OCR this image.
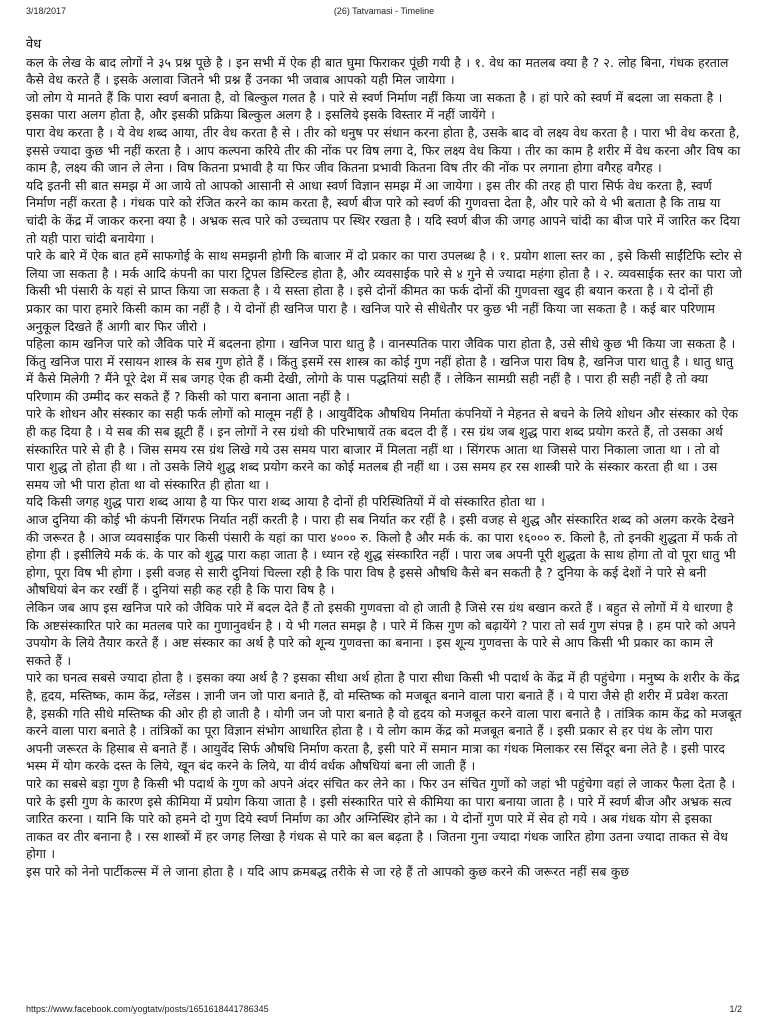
3/18/2017	(26) Tatvamasi - Timeline

वेध

कल के लेख के बाद लोगों ने ३५ प्रश्न पूछे है । इन सभी में ऐक ही बात घुमा फिराकर पूंछी गयी है । १. वेध का मतलब क्या है ? २. लोह बिना, गंधक हरताल कैसे वेध करते हैं । इसके अलावा जितने भी प्रश्न हैं उनका भी जवाब आपको यही मिल जायेगा ।

जो लोग ये मानते हैं कि पारा स्वर्ण बनाता है, वो बिल्कुल गलत है । पारे से स्वर्ण निर्माण नहीं किया जा सकता है । हां पारे को स्वर्ण में बदला जा सकता है । इसका पारा अलग होता है, और इसकी प्रक्रिया बिल्कुल अलग है । इसलिये इसके विस्तार में नहीं जायेंगे ।

पारा वेध करता है । ये वेध शब्द आया, तीर वेध करता है से । तीर को धनुष पर संधान करना होता है, उसके बाद वो लक्ष्य वेध करता है । पारा भी वेध करता है, इससे ज्यादा कुछ भी नहीं करता है । आप कल्पना करिये तीर की नोंक पर विष लगा दे, फिर लक्ष्य वेध किया । तीर का काम है शरीर में वेध करना और विष का काम है, लक्ष्य की जान ले लेना । विष कितना प्रभावी है या फिर जीव कितना प्रभावी कितना विष तीर की नोंक पर लगाना होगा वगैरह वगैरह ।

यदि इतनी सी बात समझ में आ जाये तो आपको आसानी से आधा स्वर्ण विज्ञान समझ में आ जायेगा । इस तीर की तरह ही पारा सिर्फ वेध करता है, स्वर्ण निर्माण नहीं करता है । गंधक पारे को रंजित करने का काम करता है, स्वर्ण बीज पारे को स्वर्ण की गुणवत्ता देता है, और पारे को ये भी बताता है कि ताम्र या चांदी के केंद्र में जाकर करना क्या है । अभ्रक सत्व पारे को उच्चताप पर स्थिर रखता है । यदि स्वर्ण बीज की जगह आपने चांदी का बीज पारे में जारित कर दिया तो यही पारा चांदी बनायेगा ।

पारे के बारे में ऐक बात हमें साफगोई के साथ समझनी होगी कि बाजार में दो प्रकार का पारा उपलब्ध है । १. प्रयोग शाला स्तर का , इसे किसी साईंटिफि स्टोर से लिया जा सकता है । मर्क आदि कंपनी का पारा ट्रिपल डिस्टिल्ड होता है, और व्यवसाईक पारे से ४ गुने से ज्यादा महंगा होता है । २. व्यवसाईक स्तर का पारा जो किसी भी पंसारी के यहां से प्राप्त किया जा सकता है । ये सस्ता होता है । इसे दोनों कीमत का फर्क दोनों की गुणवत्ता खुद ही बयान करता है । ये दोनों ही प्रकार का पारा हमारे किसी काम का नहीं है । ये दोनों ही खनिज पारा है । खनिज पारे से सीधेतौर पर कुछ भी नहीं किया जा सकता है । कई बार परिणाम अनुकूल दिखते हैं आगी बार फिर जीरो ।

पहिला काम खनिज पारे को जैविक पारे में बदलना होगा । खनिज पारा धातु है । वानस्पतिक पारा जैविक पारा होता है, उसे सीधे कुछ भी किया जा सकता है । किंतु खनिज पारा में रसायन शास्त्र के सब गुण होते हैं । किंतु इसमें रस शास्त्र का कोई गुण नहीं होता है । खनिज पारा विष है, खनिज पारा धातु है । धातु धातु में कैसे मिलेगी ? मैंने पूरे देश में सब जगह ऐक ही कमी देखी, लोगो के पास पद्धतियां सही हैं । लेकिन सामग्री सही नहीं है । पारा ही सही नहीं है तो क्या परिणाम की उम्मीद कर सकते हैं ? किसी को पारा बनाना आता नहीं है ।

पारे के शोधन और संस्कार का सही फर्क लोगों को मालूम नहीं है । आयुर्वैदिक औषधिय निर्माता कंपनियों ने मेहनत से बचने के लिये शोधन और संस्कार को ऐक ही कह दिया है । ये सब की सब झूटी हैं । इन लोगों ने रस ग्रंथो की परिभाषायें तक बदल दी हैं । रस ग्रंथ जब शुद्ध पारा शब्द प्रयोग करते हैं, तो उसका अर्थ संस्कारित पारे से ही है । जिस समय रस ग्रंथ लिखे गये उस समय पारा बाजार में मिलता नहीं था । सिंगरफ आता था जिससे पारा निकाला जाता था । तो वो पारा शुद्ध तो होता ही था । तो उसके लिये शुद्ध शब्द प्रयोग करने का कोई मतलब ही नहीं था । उस समय हर रस शास्त्री पारे के संस्कार करता ही था । उस समय जो भी पारा होता था वो संस्कारित ही होता था ।

यदि किसी जगह शुद्ध पारा शब्द आया है या फिर पारा शब्द आया है दोनों ही परिस्थितियों में वो संस्कारित होता था ।

आज दुनिया की कोई भी कंपनी सिंगरफ निर्यात नहीं करती है । पारा ही सब निर्यात कर रहीं है । इसी वजह से शुद्ध और संस्कारित शब्द को अलग करके देखने की जरूरत है । आज व्यवसाईक पार किसी पंसारी के यहां का पारा ४००० रु. किलो है और मर्क कं. का पारा १६००० रु. किलो है, तो इनकी शुद्धता में फर्क तो होगा ही । इसीलिये मर्क कं. के पार को शुद्ध पारा कहा जाता है । ध्यान रहे शुद्ध संस्कारित नहीं । पारा जब अपनी पूरी शुद्धता के साथ होगा तो वो पूरा धातु भी होगा, पूरा विष भी होगा । इसी वजह से सारी दुनियां चिल्ला रही है कि पारा विष है इससे औषधि कैसे बन सकती है ? दुनिया के कई देशों ने पारे से बनी औषधियां बेन कर रखीं हैं । दुनियां सही कह रही है कि पारा विष है ।

लेकिन जब आप इस खनिज पारे को जैविक पारे में बदल देते हैं तो इसकी गुणवत्ता वो हो जाती है जिसे रस ग्रंथ बखान करते हैं । बहुत से लोगों में ये धारणा है कि अष्टसंस्कारित पारे का मतलब पारे का गुणानुवर्धन है । ये भी गलत समझ है । पारे में किस गुण को बढ़ायेंगे ? पारा तो सर्व गुण संपन्न है । हम पारे को अपने उपयोग के लिये तैयार करते हैं । अष्ट संस्कार का अर्थ है पारे को शून्य गुणवत्ता का बनाना । इस शून्य गुणवत्ता के पारे से आप किसी भी प्रकार का काम ले सकते हैं ।

पारे का घनत्व सबसे ज्यादा होता है । इसका क्या अर्थ है ? इसका सीधा अर्थ होता है पारा सीधा किसी भी पदार्थ के केंद्र में ही पहुंचेगा । मनुष्य के शरीर के केंद्र है, हृदय, मस्तिष्क, काम केंद्र, ग्लेंडस । ज्ञानी जन जो पारा बनाते हैं, वो मस्तिष्क को मजबूत बनाने वाला पारा बनाते हैं । ये पारा जैसे ही शरीर में प्रवेश करता है, इसकी गति सीधे मस्तिष्क की ओर ही हो जाती है । योगी जन जो पारा बनाते है वो हृदय को मजबूत करने वाला पारा बनाते है । तांत्रिक काम केंद्र को मजबूत करने वाला पारा बनाते है । तांत्रिकों का पूरा विज्ञान संभोग आधारित होता है । ये लोग काम केंद्र को मजबूत बनाते हैं । इसी प्रकार से हर पंथ के लोग पारा अपनी जरूरत के हिसाब से बनाते हैं । आयुर्वेद सिर्फ औषधि निर्माण करता है, इसी पारे में समान मात्रा का गंधक मिलाकर रस सिंदूर बना लेते है । इसी पारद भस्म में योग करके दस्त के लिये, खून बंद करने के लिये, या वीर्य वर्धक औषधियां बना ली जाती हैं ।

पारे का सबसे बड़ा गुण है किसी भी पदार्थ के गुण को अपने अंदर संचित कर लेने का । फिर उन संचित गुणों को जहां भी पहुंचेगा वहां ले जाकर फैला देता है । पारे के इसी गुण के कारण इसे कीमिया में प्रयोग किया जाता है । इसी संस्कारित पारे से कीमिया का पारा बनाया जाता है । पारे में स्वर्ण बीज और अभ्रक सत्व जारित करना । यानि कि पारे को हमने दो गुण दिये स्वर्ण निर्माण का और अग्निस्थिर होने का । ये दोनों गुण पारे में सेव हो गये । अब गंधक योग से इसका ताकत वर तीर बनाना है । रस शास्त्रों में हर जगह लिखा है गंधक से पारे का बल बढ़ता है । जितना गुना ज्यादा गंधक जारित होगा उतना ज्यादा ताकत से वेध होगा ।

इस पारे को नेनो पार्टीकल्स में ले जाना होता है । यदि आप क्रमबद्ध तरीके से जा रहे हैं तो आपको कुछ करने की जरूरत नहीं सब कुछ

https://www.facebook.com/yogtatv/posts/1651618441786345	1/2
